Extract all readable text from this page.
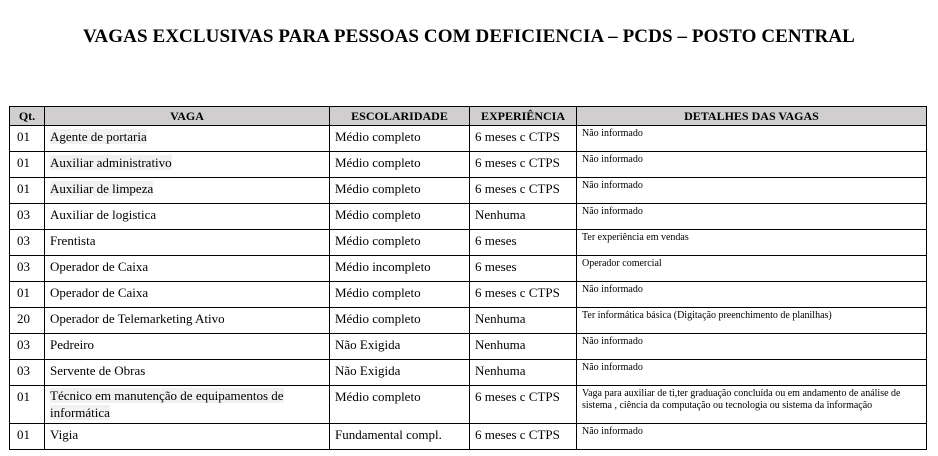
VAGAS EXCLUSIVAS PARA PESSOAS COM DEFICIENCIA – PCDS – POSTO CENTRAL
Qt.	VAGA	ESCOLARIDADE	EXPERIÊNCIA	DETALHES DAS VAGAS
01	Agente de portaria	Médio completo	6 meses c CTPS	Não informado
01	Auxiliar administrativo	Médio completo	6 meses c CTPS	Não informado
01	Auxiliar de limpeza	Médio completo	6 meses c CTPS	Não informado
03	Auxiliar de logistica	Médio completo	Nenhuma	Não informado
03	Frentista	Médio completo	6 meses	Ter experiência em vendas
03	Operador de Caixa	Médio incompleto	6 meses	Operador comercial
01	Operador de Caixa	Médio completo	6 meses c CTPS	Não informado
20	Operador de Telemarketing Ativo	Médio completo	Nenhuma	Ter informática básica (Digitação preenchimento de planilhas)
03	Pedreiro	Não Exigida	Nenhuma	Não informado
03	Servente de Obras	Não Exigida	Nenhuma	Não informado
01	Técnico em manutenção de equipamentos de informática	Médio completo	6 meses c CTPS	Vaga para auxiliar de ti,ter graduação concluída ou em andamento de análise de sistema , ciência da computação ou tecnologia ou sistema da informação
01	Vigia	Fundamental compl.	6 meses c CTPS	Não informado
